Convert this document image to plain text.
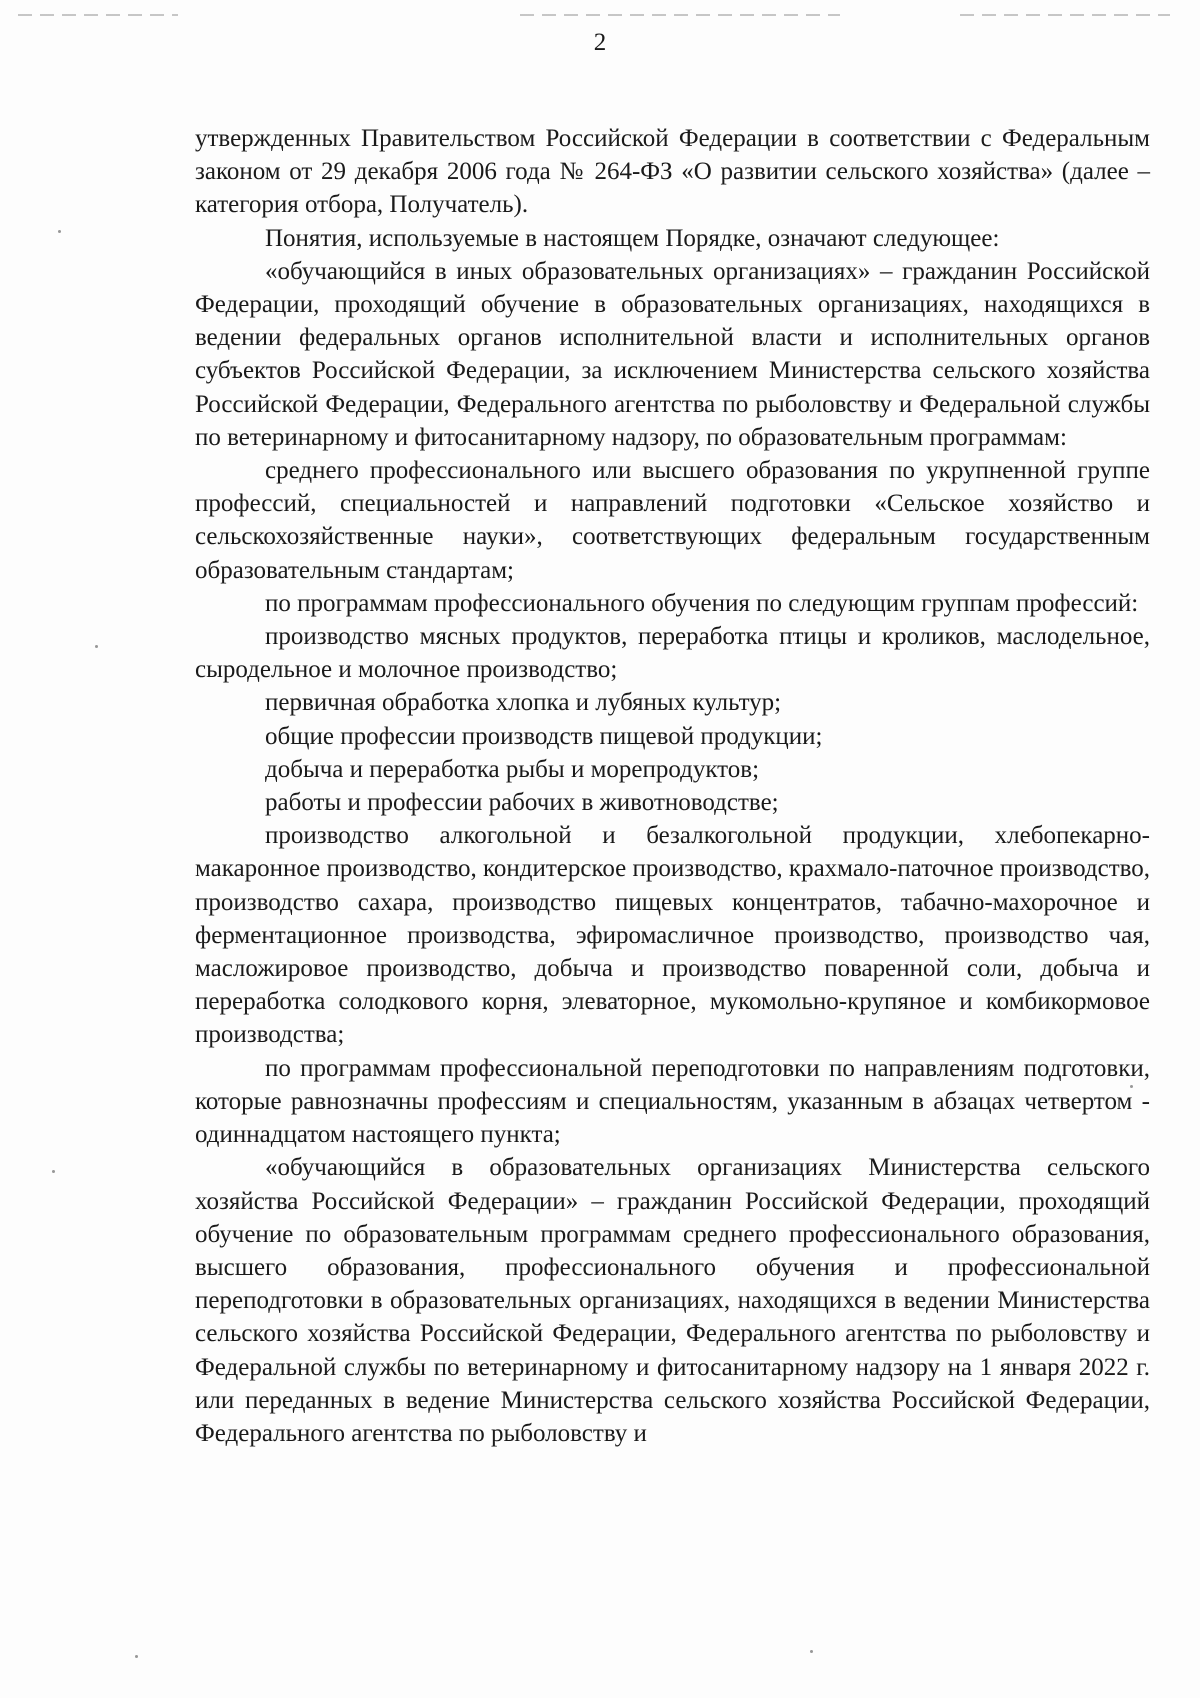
2

утвержденных Правительством Российской Федерации в соответствии с Федеральным законом от 29 декабря 2006 года № 264-ФЗ «О развитии сельского хозяйства» (далее – категория отбора, Получатель).

Понятия, используемые в настоящем Порядке, означают следующее:

«обучающийся в иных образовательных организациях» – гражданин Российской Федерации, проходящий обучение в образовательных организациях, находящихся в ведении федеральных органов исполнительной власти и исполнительных органов субъектов Российской Федерации, за исключением Министерства сельского хозяйства Российской Федерации, Федерального агентства по рыболовству и Федеральной службы по ветеринарному и фитосанитарному надзору, по образовательным программам:

среднего профессионального или высшего образования по укрупненной группе профессий, специальностей и направлений подготовки «Сельское хозяйство и сельскохозяйственные науки», соответствующих федеральным государственным образовательным стандартам;

по программам профессионального обучения по следующим группам профессий:

производство мясных продуктов, переработка птицы и кроликов, маслодельное, сыродельное и молочное производство;

первичная обработка хлопка и лубяных культур;

общие профессии производств пищевой продукции;

добыча и переработка рыбы и морепродуктов;

работы и профессии рабочих в животноводстве;

производство алкогольной и безалкогольной продукции, хлебопекарно-макаронное производство, кондитерское производство, крахмало-паточное производство, производство сахара, производство пищевых концентратов, табачно-махорочное и ферментационное производства, эфиромасличное производство, производство чая, масложировое производство, добыча и производство поваренной соли, добыча и переработка солодкового корня, элеваторное, мукомольно-крупяное и комбикормовое производства;

по программам профессиональной переподготовки по направлениям подготовки, которые равнозначны профессиям и специальностям, указанным в абзацах четвертом - одиннадцатом настоящего пункта;

«обучающийся в образовательных организациях Министерства сельского хозяйства Российской Федерации» – гражданин Российской Федерации, проходящий обучение по образовательным программам среднего профессионального образования, высшего образования, профессионального обучения и профессиональной переподготовки в образовательных организациях, находящихся в ведении Министерства сельского хозяйства Российской Федерации, Федерального агентства по рыболовству и Федеральной службы по ветеринарному и фитосанитарному надзору на 1 января 2022 г. или переданных в ведение Министерства сельского хозяйства Российской Федерации, Федерального агентства по рыболовству и
